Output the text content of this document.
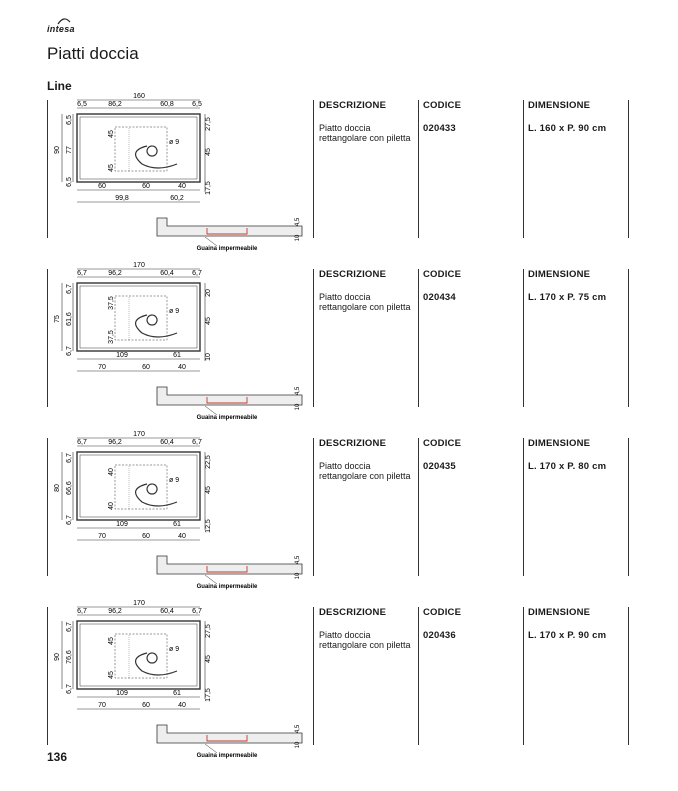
intesa
Piatti doccia
Line
DESCRIZIONE
Piatto doccia rettangolare con piletta
CODICE
020433
DIMENSIONE
L. 160 x P. 90 cm
160
6,5	86,2	60,8	6,5
90
6,5
77
6,5
27,5
45
17,5
45
45
ø 9
60	60	40
99,8	60,2
Guaina impermeabile
4,5
10
DESCRIZIONE
Piatto doccia rettangolare con piletta
CODICE
020434
DIMENSIONE
L. 170 x P. 75 cm
170
6,7	96,2	60,4	6,7
75
6,7
61,6
6,7
20
45
10
37,5
37,5
ø 9
109	61
70	60	40
Guaina impermeabile
4,5
10
DESCRIZIONE
Piatto doccia rettangolare con piletta
CODICE
020435
DIMENSIONE
L. 170 x P. 80 cm
170
6,7	96,2	60,4	6,7
80
6,7
66,6
6,7
22,5
45
12,5
40
40
ø 9
109	61
70	60	40
Guaina impermeabile
4,5
10
DESCRIZIONE
Piatto doccia rettangolare con piletta
CODICE
020436
DIMENSIONE
L. 170 x P. 90 cm
170
6,7	96,2	60,4	6,7
90
6,7
76,6
6,7
27,5
45
17,5
45
45
ø 9
109	61
70	60	40
Guaina impermeabile
4,5
10
136
